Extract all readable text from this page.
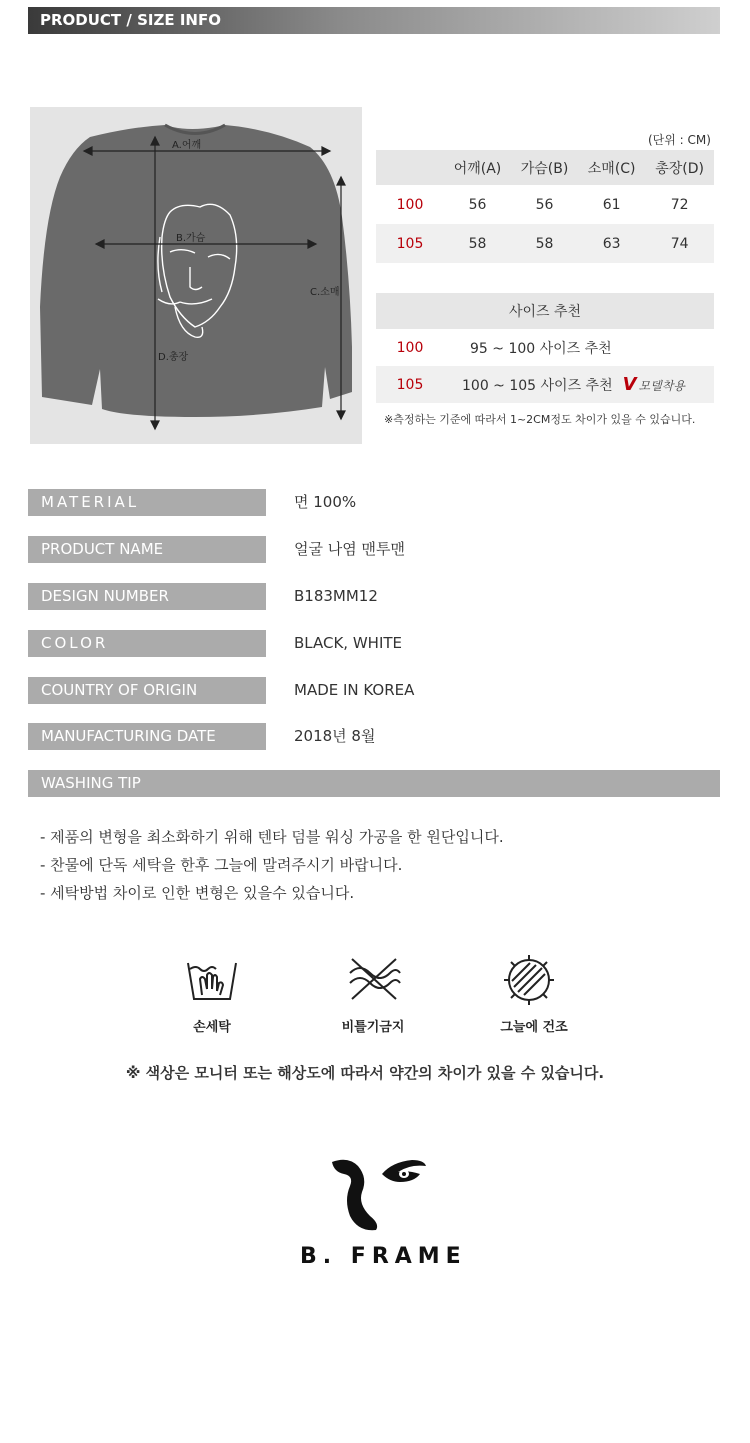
PRODUCT / SIZE INFO
A.어깨
B.가슴
C.소매
D.총장
(단위 : CM)
	어깨(A)	가슴(B)	소매(C)	총장(D)
100	56	56	61	72
105	58	58	63	74
사이즈 추천	
100	95 ~ 100 사이즈 추천
105	100 ~ 105 사이즈 추천 V 모델착용
※측정하는 기준에 따라서 1~2CM정도 차이가 있을 수 있습니다.
MATERIAL	면 100%
PRODUCT NAME	얼굴 나염 맨투맨
DESIGN NUMBER	B183MM12
COLOR	BLACK, WHITE
COUNTRY OF ORIGIN	MADE IN KOREA
MANUFACTURING DATE	2018년 8월
WASHING TIP
- 제품의 변형을 최소화하기 위해 텐타 덤블 워싱 가공을 한 원단입니다.
- 찬물에 단독 세탁을 한후 그늘에 말려주시기 바랍니다.
- 세탁방법 차이로 인한 변형은 있을수 있습니다.
손세탁	비틀기금지	그늘에 건조
※ 색상은 모니터 또는 해상도에 따라서 약간의 차이가 있을 수 있습니다.
B. FRAME
